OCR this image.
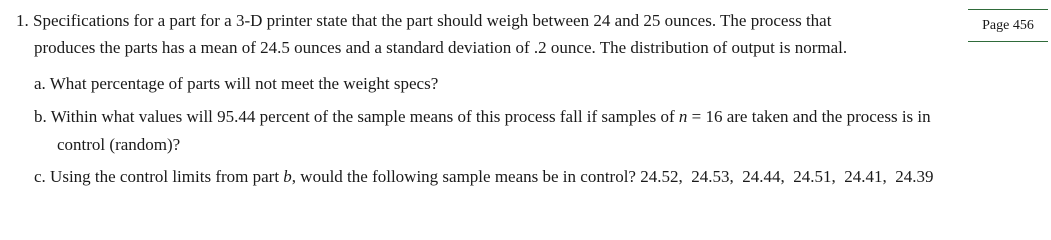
1. Specifications for a part for a 3-D printer state that the part should weigh between 24 and 25 ounces. The process that
produces the parts has a mean of 24.5 ounces and a standard deviation of .2 ounce. The distribution of output is normal.
Page 456
a. What percentage of parts will not meet the weight specs?
b. Within what values will 95.44 percent of the sample means of this process fall if samples of n = 16 are taken and the process is in
control (random)?
c. Using the control limits from part b, would the following sample means be in control? 24.52,  24.53,  24.44,  24.51,  24.41,  24.39
